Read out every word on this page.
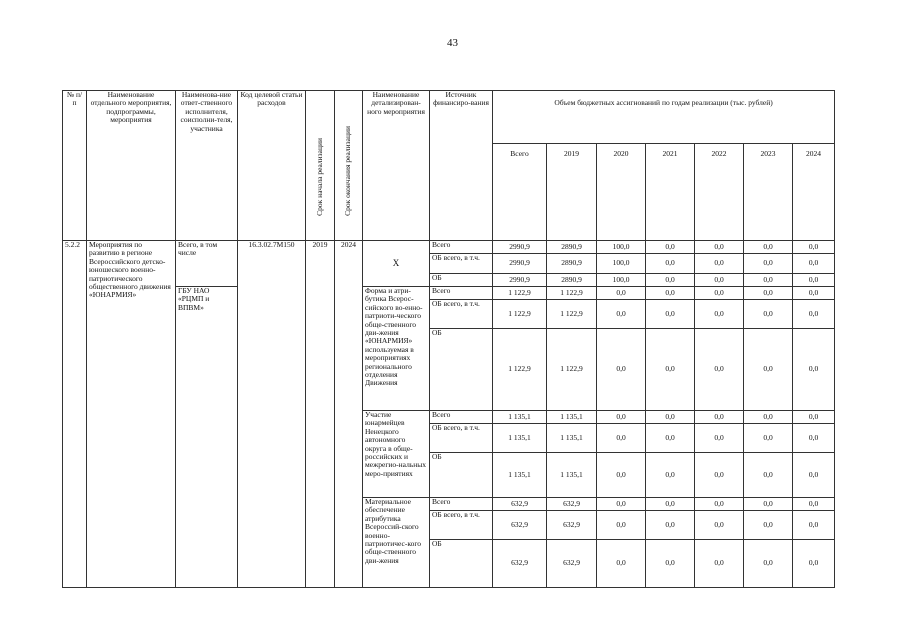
43
№ п/п	Наименование отдельного мероприятия, подпрограммы, мероприятия	Наименова-ние ответ-ственного исполнителя, соисполни-теля, участника	Код целевой статьи расходов	Срок начала реализации	Срок окончания реализации	Наименование детализирован-ного мероприятия	Источник финансиро-вания	Объем бюджетных ассигнований по годам реализации (тыс. рублей)						
								Всего	2019	2020	2021	2022	2023	2024
5.2.2	Мероприятия по развитию в регионе Всероссийского детско-юношеского военно-патриотического общественного движения «ЮНАРМИЯ»	Всего, в том числе	16.3.02.7М150	2019	2024	Х	Всего	2990,9	2890,9	100,0	0,0	0,0	0,0	0,0
							ОБ всего, в т.ч.	2990,9	2890,9	100,0	0,0	0,0	0,0	0,0
							ОБ	2990,9	2890,9	100,0	0,0	0,0	0,0	0,0
		ГБУ НАО «РЦМП и ВПВМ»				Форма и атри-бутика Всерос-сийского во-енно-патриоти-ческого обще-ственного дви-жения «ЮНАРМИЯ» используемая в мероприятиях регионального отделения Движения	Всего	1 122,9	1 122,9	0,0	0,0	0,0	0,0	0,0
							ОБ всего, в т.ч.	1 122,9	1 122,9	0,0	0,0	0,0	0,0	0,0
							ОБ	1 122,9	1 122,9	0,0	0,0	0,0	0,0	0,0
						Участие юнармейцев Ненецкого автономного округа в обще-российских и межрегио-нальных меро-приятиях	Всего	1 135,1	1 135,1	0,0	0,0	0,0	0,0	0,0
							ОБ всего, в т.ч.	1 135,1	1 135,1	0,0	0,0	0,0	0,0	0,0
							ОБ	1 135,1	1 135,1	0,0	0,0	0,0	0,0	0,0
						Материальное обеспечение атрибутика Всероссий-ского военно-патриотичес-кого обще-ственного дви-жения	Всего	632,9	632,9	0,0	0,0	0,0	0,0	0,0
							ОБ всего, в т.ч.	632,9	632,9	0,0	0,0	0,0	0,0	0,0
							ОБ	632,9	632,9	0,0	0,0	0,0	0,0	0,0
